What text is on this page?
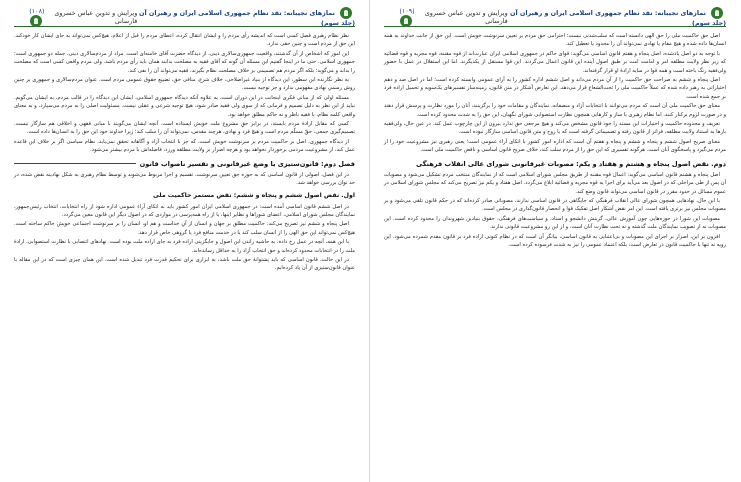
نمازهای نجیبانه: نقد نظام جمهوری اسلامی ایران و رهبران آن (جلد سوم)
ویرایش و تدوین عباس خسروی فارسانی
(۱۰۸)

نظر نظام رهبری فصل کسی است که اندیشه رأی مردم را و ایشان انتقال کرده، اعطای مردم را قبل از اعلام، هیچ‌کس نمی‌تواند به جای ایشان کار خودکند. این حق از مردم است و چنین حقی ندارد.

این امور که اشخاص از آن گذشتند، واقعیت جمهوری‌سالاری دینی، از دیدگاه حضرت آقای خامنه‌ای است. مراد از مردم‌سالاری دینی، جمله دو جمهوری است؛ جمهوری اسلامی. حتی ما در اینجا گفتیم این مسئله آن گونه که آقای فقیه به مصلحت بدانند همان باید رأی مردم باشد. ولی مردم واقعی کسی است که مصلحت را بداند و می‌گوید؛ بلکه اگر مردم هم تصمیمی بر خلاف مصلحت نظام بگیرند، فقیه می‌تواند آن را نفی کند.

به نظر نگارنده این سطور، این دیدگاه از بنیاد غیراصلاحی، خلاف شرع، منافی حق، تضییع حقوق عمومی مردم است. عنوان مردم‌سالاری و جمهوری بر چنین روش رسمیِ نهادی مفهومی ندارد و جز توجیه نیست.

مسئله اولی که از مبانی فکری اینجانب در این دوران است، به علاوه آنکه دیدگاه جمهوری اسلامی، ایشان این دیدگاه را در قالب مردم، به ایشان می‌گویم. نباید از این نظر به دلیل تصمیم و فرمانی که از سوی ولی فقیه صادر شود، هیچ توجیه شرعی و عقلی نیست. مسئولیت اصلی را به مردم می‌سپارد، و به معنای واقعی کلمه نظام، با فقیه ناظر و نه حاکم مطلق خواهد بود.

کسی که مقابل ارادهٔ مردم بایستد، در برابر حقِ مشروع ملت خویش ایستاده است. آنچه ایشان می‌گویند با مبانی فقهی و اخلاقی هم سازگار نیست. تصمیم‌گیری جمعی، حقّ مسلّم مردم است و هیچ فرد و نهادی، هرچند مقدس، نمی‌تواند آن را سلب کند؛ زیرا خداوند خود این حق را به انسان‌ها داده است.

از دیدگاه جمهوری، اصل بر حاکمیت مردم بر سرنوشت خویش است، که جز با انتخاب آزاد و آگاهانه تحقق نمی‌یابد. نظام سیاسی اگر بر خلاف این قاعده عمل کند، از مشروعیت مردمی برخوردار نخواهد بود و هرچه اصرار بر ولایت مطلقه ورزد، فاصله‌اش با مردم بیشتر می‌شود.

فصل دوم: قانون‌ستیزی یا وضع غیرقانونی و تفسیر ناصواب قانون

در این فصل، اصولی از قانون اساسی که به حوزه حق تعیین سرنوشت، تقسیم و اجرا مربوط می‌شوند و توسط نظام رهبری به شکل نهادینه نقض شده، در حد توان بررسی خواهد شد.

اول. نقض اصول ششم و پنجاه و ششم: نقض مستمر حاکمیت ملی

در اصل ششم قانون اساسی آمده است: در جمهوری اسلامی ایران امور کشور باید به اتکای آراء عمومی اداره شود از راه انتخابات، انتخاب رئیس‌جمهور، نمایندگان مجلس شورای اسلامی، اعضای شوراها و نظایر اینها، یا از راه همه‌پرسی در مواردی که در اصول دیگر این قانون معین می‌گردد.

اصل پنجاه و ششم نیز تصریح می‌کند: حاکمیت مطلق بر جهان و انسان از آنِ خداست و هم او، انسان را بر سرنوشت اجتماعی خویش حاکم ساخته است. هیچ‌کس نمی‌تواند این حق الهی را از انسان سلب کند یا در خدمت منافع فرد یا گروهی خاص قرار دهد.

با این همه، آنچه در عمل رخ داده، به حاشیه راندن این اصول و جایگزینی اراده فرد به جای اراده ملت بوده است. نهادهای انتصابی با نظارت استصوابی، ارادهٔ ملت را در انتخابات محدود کرده‌اند و حق انتخاب آزاد را به حداقل رسانده‌اند.

در این حالت، قانون اساسی که باید پشتوانهٔ حق ملت باشد، به ابزاری برای تحکیم قدرت فرد تبدیل شده است. این همان چیزی است که در این مقاله با عنوان قانون‌ستیزی از آن یاد کرده‌ایم.

نمازهای نجیبانه: نقد نظام جمهوری اسلامی ایران و رهبران آن (جلد سوم)
ویرایش و تدوین عباس خسروی فارسانی
(۱۰۹)

اصل حق حاکمیت ملی را حق الهی دانسته است که سلب‌شدنی نیست؛ احترامی حق مردم بر تعیین سرنوشت خویش است. این حق از جانب خداوند به همه انسان‌ها داده شده و هیچ مقام یا نهادی نمی‌تواند آن را محدود یا تعطیل کند.

با توجه به دو اصل یادشده، اصل پنجاه و هفتم قانون اساسی می‌گوید: قوای حاکم در جمهوری اسلامی ایران عبارت‌اند از قوه مقننه، قوه مجریه و قوه قضائیه که زیر نظر ولایت مطلقه امر و امامت امت بر طبق اصول آینده این قانون اعمال می‌گردند. این قوا مستقل از یکدیگرند. اما این استقلال در عمل با حضور ولی‌فقیه رنگ باخته است و همه قوا در سایه ارادهٔ او قرار گرفته‌اند.

اصل پنجاه و ششم به صراحت حق حاکمیت را از آنِ مردم می‌داند و اصل ششم اداره کشور را به آرای عمومی وابسته کرده است؛ اما در اصل صد و دهم اختیاراتی به رهبر داده شده که عملاً حاکمیت ملی را تحت‌الشعاع قرار می‌دهد. این تعارض آشکار در متن قانون، زمینه‌ساز تفسیرهای یک‌سویه و تحمیل اراده فرد بر جمع شده است.

معنای حق حاکمیت ملی آن است که مردم می‌توانند با انتخابات آزاد و منصفانه، نمایندگان و مقامات خود را برگزینند، آنان را مورد نظارت و پرسش قرار دهند و در صورت لزوم برکنار کنند. اما نظام رهبری با ساز و کارهایی همچون نظارت استصوابی شورای نگهبان، این حق را به شدت محدود کرده است.

تعریف و محدوده حاکمیت و اختیارات این مسند را خود قانون مشخص می‌کند و هیچ مرجعی حق ندارد بیرون از این چارچوب عمل کند. در عین حال، ولی‌فقیه بارها به استناد ولایت مطلقه، فراتر از قانون رفته و تصمیماتی گرفته است که با روح و متن قانون اساسی سازگار نبوده است.

معنای صریح اصول ششم و پنجاه و ششم و پنجاه و هفتم آن است که اداره امور کشور با اتکای آراء عمومی است؛ یعنی رهبری نیز مشروعیت خود را از مردم می‌گیرد و پاسخگوی آنان است. هرگونه تفسیری که این حق را از مردم سلب کند، خلاف صریح قانون اساسی و ناقض حاکمیت ملی است.

دوم. نقض اصول پنجاه و هشتم و هفتاد و یکم: مصوبات غیرقانونی شورای عالی انقلاب فرهنگی

اصل پنجاه و هشتم قانون اساسی می‌گوید: اعمال قوه مقننه از طریق مجلس شورای اسلامی است که از نمایندگان منتخب مردم تشکیل می‌شود و مصوبات آن پس از طی مراحلی که در اصول بعد می‌آید برای اجرا به قوه مجریه و قضائیه ابلاغ می‌گردد. اصل هفتاد و یکم نیز تصریح می‌کند که مجلس شورای اسلامی در عموم مسائل در حدود مقرر در قانون اساسی می‌تواند قانون وضع کند.

با این حال، نهادهایی همچون شورای عالی انقلاب فرهنگی که جایگاهی در قانون اساسی ندارند، مصوباتی صادر کرده‌اند که در حکم قانون تلقی می‌شود و بر مصوبات مجلس نیز برتری یافته است. این امر نقض آشکار اصل تفکیک قوا و انحصار قانون‌گذاری در مجلس است.

مصوبات این شورا در حوزه‌هایی چون آموزش عالی، گزینش دانشجو و استاد، و سیاست‌های فرهنگی، حقوق بنیادین شهروندان را محدود کرده است. این مصوبات نه از تصویب نمایندگان ملت گذشته و نه تحت نظارت آنان است، و از این رو مشروعیت قانونی ندارند.

افزون بر این، اصرار بر اجرای این مصوبات و بی‌اعتنایی به قانون اساسی، بیانگر آن است که در نظام کنونی اراده فرد بر قانون مقدم شمرده می‌شود. این رویه نه تنها با حاکمیت قانون در تعارض است، بلکه اعتماد عمومی را نیز به شدت فرسوده کرده است.
